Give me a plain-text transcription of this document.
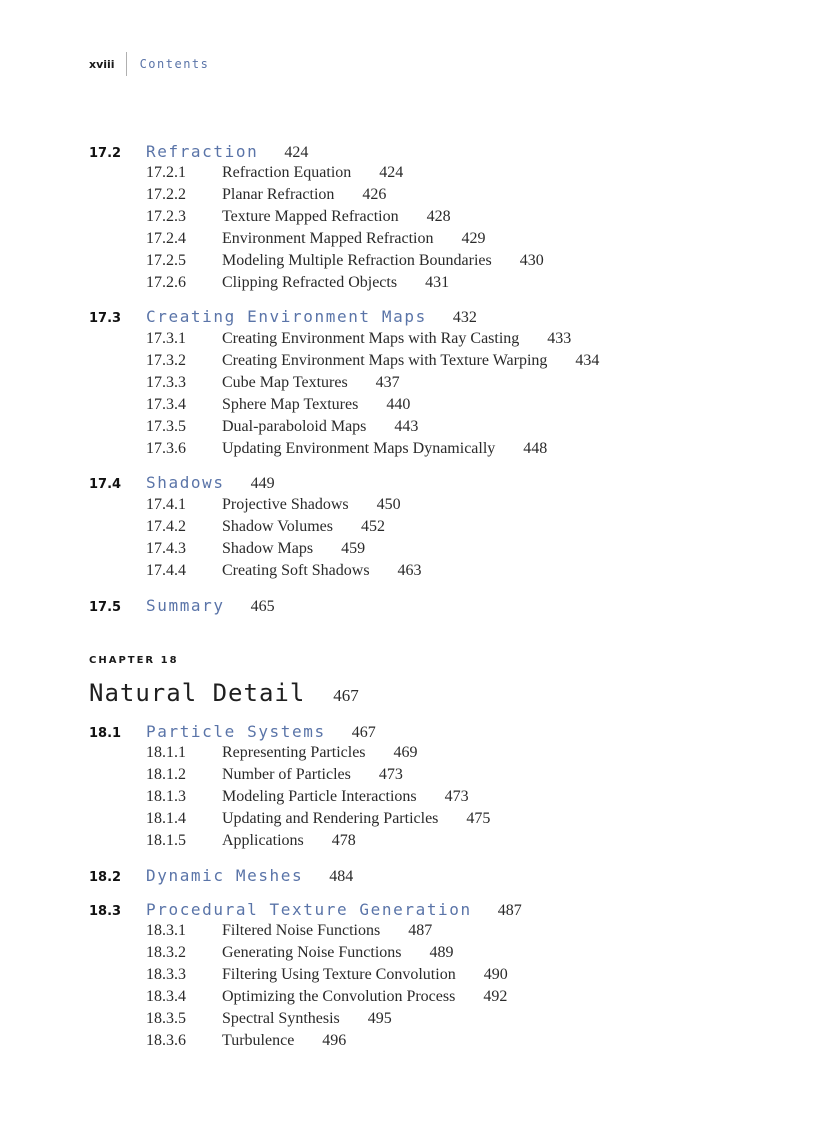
xviii	Contents
17.2	Refraction 424
17.2.1	Refraction Equation 424
17.2.2	Planar Refraction 426
17.2.3	Texture Mapped Refraction 428
17.2.4	Environment Mapped Refraction 429
17.2.5	Modeling Multiple Refraction Boundaries 430
17.2.6	Clipping Refracted Objects 431
17.3	Creating Environment Maps 432
17.3.1	Creating Environment Maps with Ray Casting 433
17.3.2	Creating Environment Maps with Texture Warping 434
17.3.3	Cube Map Textures 437
17.3.4	Sphere Map Textures 440
17.3.5	Dual-paraboloid Maps 443
17.3.6	Updating Environment Maps Dynamically 448
17.4	Shadows 449
17.4.1	Projective Shadows 450
17.4.2	Shadow Volumes 452
17.4.3	Shadow Maps 459
17.4.4	Creating Soft Shadows 463
17.5	Summary 465
CHAPTER 18
Natural Detail 467
18.1	Particle Systems 467
18.1.1	Representing Particles 469
18.1.2	Number of Particles 473
18.1.3	Modeling Particle Interactions 473
18.1.4	Updating and Rendering Particles 475
18.1.5	Applications 478
18.2	Dynamic Meshes 484
18.3	Procedural Texture Generation 487
18.3.1	Filtered Noise Functions 487
18.3.2	Generating Noise Functions 489
18.3.3	Filtering Using Texture Convolution 490
18.3.4	Optimizing the Convolution Process 492
18.3.5	Spectral Synthesis 495
18.3.6	Turbulence 496
